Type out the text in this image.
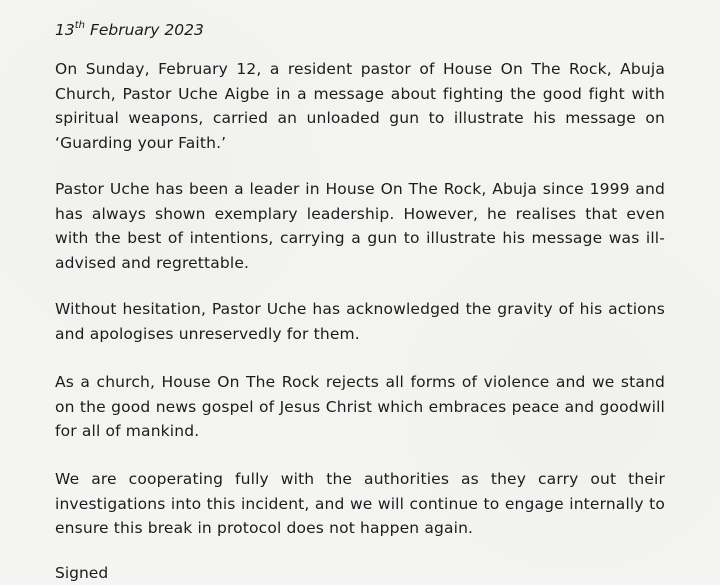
13th February 2023

On Sunday, February 12, a resident pastor of House On The Rock, Abuja Church, Pastor Uche Aigbe in a message about fighting the good fight with spiritual weapons, carried an unloaded gun to illustrate his message on ‘Guarding your Faith.’

Pastor Uche has been a leader in House On The Rock, Abuja since 1999 and has always shown exemplary leadership. However, he realises that even with the best of intentions, carrying a gun to illustrate his message was ill-advised and regrettable.

Without hesitation, Pastor Uche has acknowledged the gravity of his actions and apologises unreservedly for them.

As a church, House On The Rock rejects all forms of violence and we stand on the good news gospel of Jesus Christ which embraces peace and goodwill for all of mankind.

We are cooperating fully with the authorities as they carry out their investigations into this incident, and we will continue to engage internally to ensure this break in protocol does not happen again.

Signed
